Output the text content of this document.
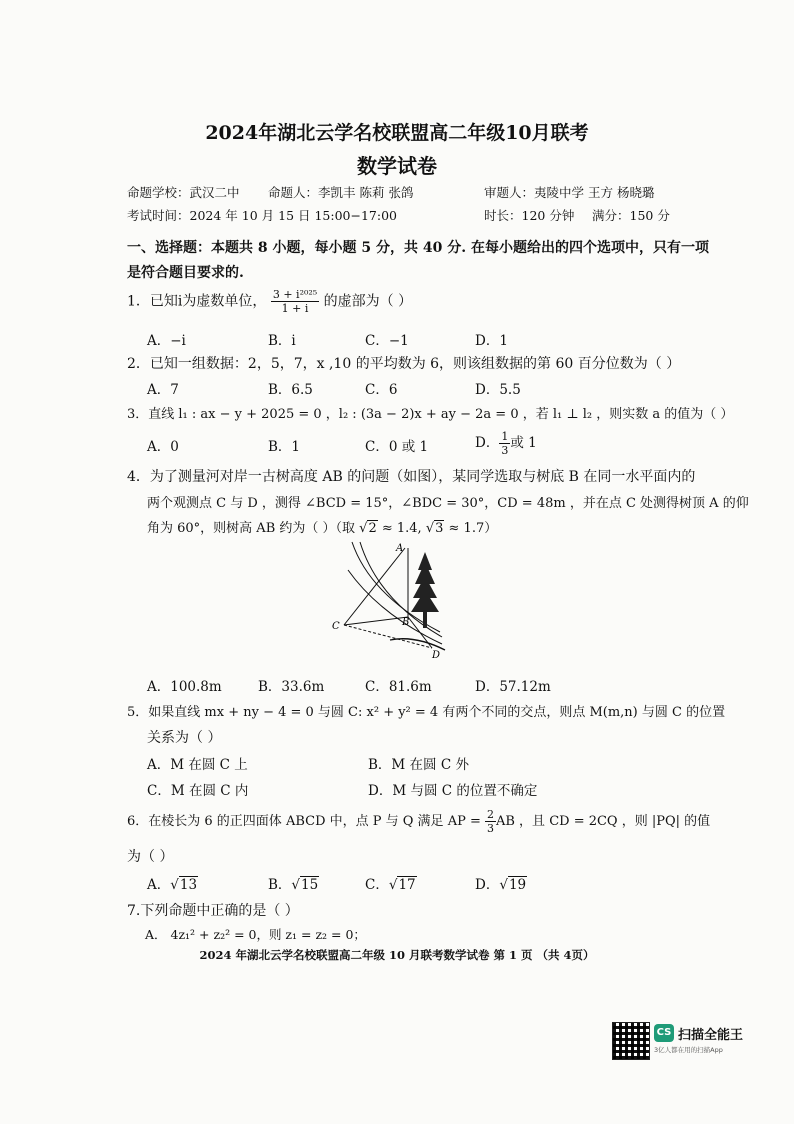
2024年湖北云学名校联盟高二年级10月联考
数学试卷
命题学校：武汉二中 命题人：李凯丰 陈莉 张鸽	审题人：夷陵中学 王方 杨晓璐
考试时间：2024 年 10 月 15 日 15:00−17:00	时长：120 分钟 满分：150 分
一、选择题：本题共 8 小题，每小题 5 分，共 40 分. 在每小题给出的四个选项中，只有一项
是符合题目要求的.
1．已知i为虚数单位， $\frac{\text{3 + i²⁰²⁵}}{1 + i}$ 的虚部为（ ）
A．−i	B．i	C．−1	D．1
2．已知一组数据：2，5，7，x ,10 的平均数为 6，则该组数据的第 60 百分位数为（ ）
A．7	B．6.5	C．6	D．5.5
3．直线 l₁ : ax − y + 2025 = 0 ，l₂ : (3a − 2)x + ay − 2a = 0 ，若 l₁ ⊥ l₂ ，则实数 a 的值为（ ）
A．0	B．1	C．0 或 1	D． $\frac{1}{3}$ 或 1
4．为了测量河对岸一古树高度 AB 的问题（如图），某同学选取与树底 B 在同一水平面内的
两个观测点 C 与 D ，测得 ∠BCD = 15°，∠BDC = 30°，CD = 48m ，并在点 C 处测得树顶 A 的仰
角为 60°，则树高 AB 约为（ ）（取 √2 ≈ 1.4, √3 ≈ 1.7）
A
B
C
D
A．100.8m	B．33.6m	C．81.6m	D．57.12m
5．如果直线 mx + ny − 4 = 0 与圆 C: x² + y² = 4 有两个不同的交点，则点 M(m,n) 与圆 C 的位置
关系为（ ）
A．M 在圆 C 上	B．M 在圆 C 外
C．M 在圆 C 内	D．M 与圆 C 的位置不确定
6．在棱长为 6 的正四面体 ABCD 中，点 P 与 Q 满足 AP = $\frac{2}{3}$ AB ，且 CD = 2CQ ，则 |PQ| 的值
为（ ）
A．√13	B．√15	C．√17	D．√19
7.下列命题中正确的是（ ）
A． 4z₁² + z₂² = 0，则 z₁ = z₂ = 0；
2024 年湖北云学名校联盟高二年级 10 月联考数学试卷 第 1 页 （共 4页）
CS 扫描全能王
3亿人都在用的扫描App
